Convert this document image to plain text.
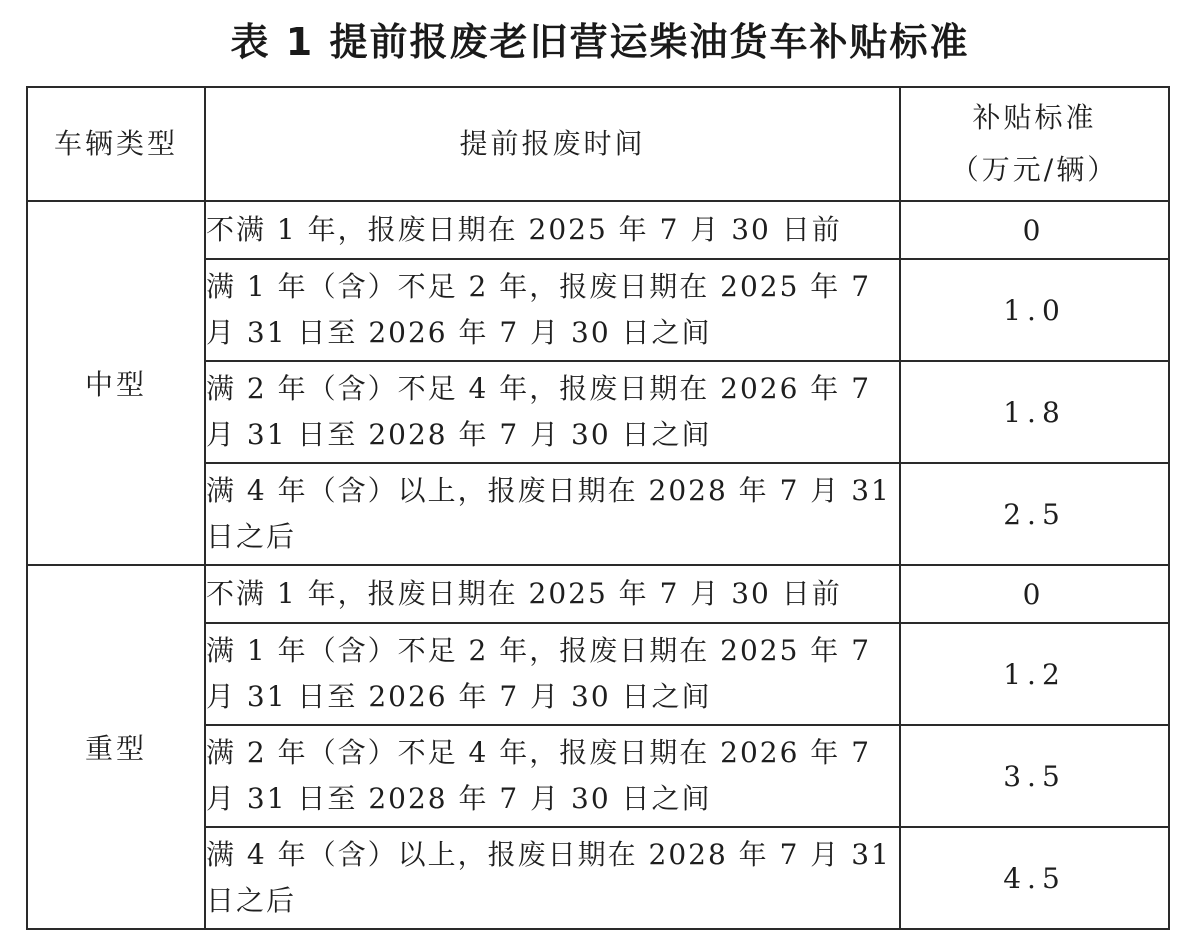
表 1 提前报废老旧营运柴油货车补贴标准
车辆类型	提前报废时间	补贴标准
（万元/辆）

中型	不满 1 年，报废日期在 2025 年 7 月 30 日前	0
	满 1 年（含）不足 2 年，报废日期在 2025 年 7 月 31 日至 2026 年 7 月 30 日之间	1.0
	满 2 年（含）不足 4 年，报废日期在 2026 年 7 月 31 日至 2028 年 7 月 30 日之间	1.8
	满 4 年（含）以上，报废日期在 2028 年 7 月 31 日之后	2.5
重型	不满 1 年，报废日期在 2025 年 7 月 30 日前	0
	满 1 年（含）不足 2 年，报废日期在 2025 年 7 月 31 日至 2026 年 7 月 30 日之间	1.2
	满 2 年（含）不足 4 年，报废日期在 2026 年 7 月 31 日至 2028 年 7 月 30 日之间	3.5
	满 4 年（含）以上，报废日期在 2028 年 7 月 31 日之后	4.5
